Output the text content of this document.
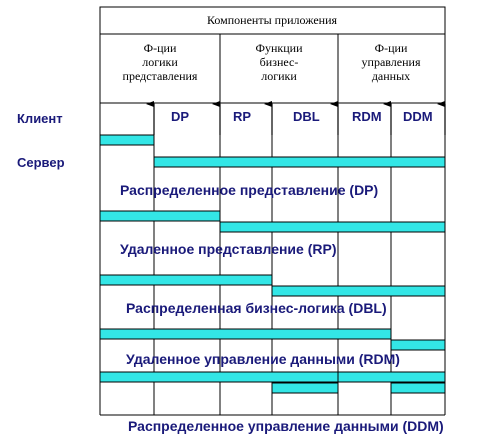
Компоненты приложения
Ф-ции
логики
представления
Функции
бизнес-
логики
Ф-ции
управления
данных
DP	RP	DBL RDM DDM
Клиент
Сервер
Распределенное представление (DP)
Удаленное представление (RP)
Распределенная бизнес-логика (DBL)
Удаленное управление данными (RDM)
Распределенное управление данными (DDM)
